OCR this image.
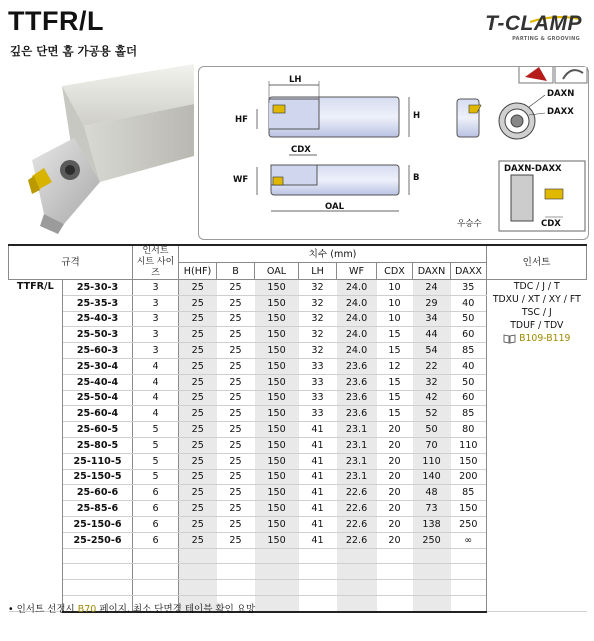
TTFR/L
깊은 단면 홈 가공용 홀더
T-CLAMP
PARTING & GROOVING
LH
HF	H
WF
CDX
B
OAL
DAXN
DAXX
DAXN-DAXX
CDX
우승수
규격		인서트
시트 사이즈	치수 (mm)								인서트
			H(HF)	B	OAL	LH	WF	CDX	DAXN	DAXX	
TTFR/L	25-30-3	3	25	25	150	32	24.0	10	24	35	TDC / J / T
TDXU / XT / XY / FT
TSC / J
TDUF / TDV
B109-B119

	25-35-3	3	25	25	150	32	24.0	10	29	40	
	25-40-3	3	25	25	150	32	24.0	10	34	50	
	25-50-3	3	25	25	150	32	24.0	15	44	60	
	25-60-3	3	25	25	150	32	24.0	15	54	85	
	25-30-4	4	25	25	150	33	23.6	12	22	40	
	25-40-4	4	25	25	150	33	23.6	15	32	50	
	25-50-4	4	25	25	150	33	23.6	15	42	60	
	25-60-4	4	25	25	150	33	23.6	15	52	85	
	25-60-5	5	25	25	150	41	23.1	20	50	80	
	25-80-5	5	25	25	150	41	23.1	20	70	110	
	25-110-5	5	25	25	150	41	23.1	20	110	150	
	25-150-5	5	25	25	150	41	23.1	20	140	200	
	25-60-6	6	25	25	150	41	22.6	20	48	85	
	25-85-6	6	25	25	150	41	22.6	20	73	150	
	25-150-6	6	25	25	150	41	22.6	20	138	250	
	25-250-6	6	25	25	150	41	22.6	20	250	∞	

• 인서트 선정시 B70 페이지, 최소 단면경 테이블 확인 요망
